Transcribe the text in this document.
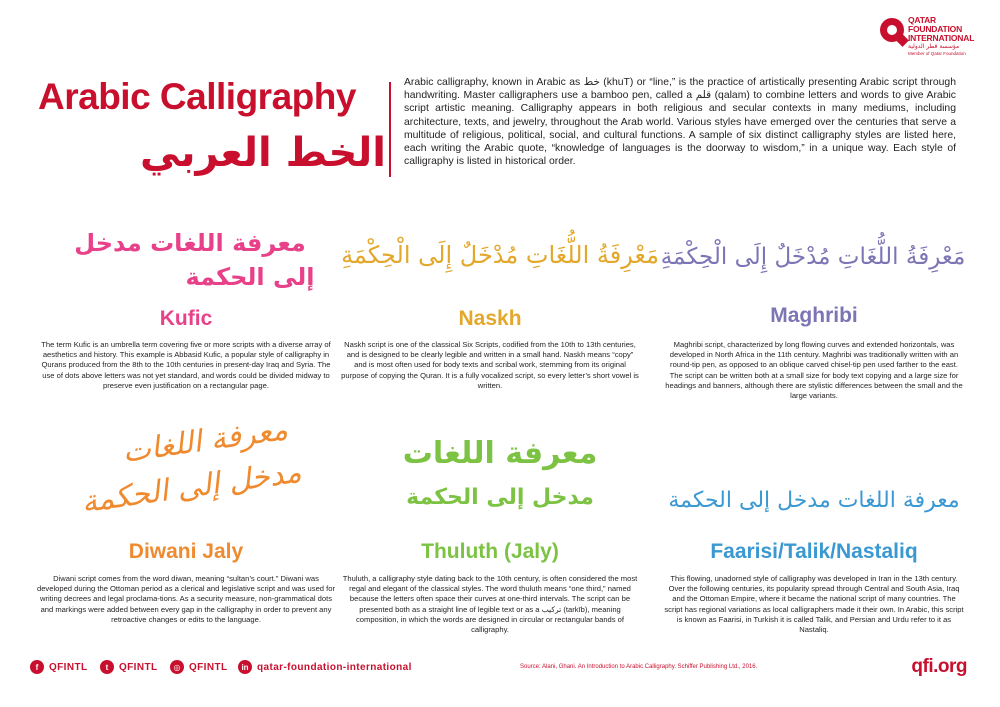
QATAR
FOUNDATION
INTERNATIONAL
مؤسسة قطر الدولية
Member of Qatar Foundation
Arabic Calligraphy
الخط العربي

Arabic calligraphy, known in Arabic as خط (khuT) or “line,” is the practice of artistically presenting Arabic script through handwriting. Master calligraphers use a bamboo pen, called a قلم (qalam) to combine letters and words to give Arabic script artistic meaning. Calligraphy appears in both religious and secular contexts in many mediums, including architecture, texts, and jewelry, throughout the Arab world. Various styles have emerged over the centuries that serve a multitude of religious, political, social, and cultural functions. A sample of six distinct calligraphy styles are listed here, each writing the Arabic quote, “knowledge of languages is the doorway to wisdom,” in a unique way. Each style of calligraphy is listed in historical order.

معرفة اللغات مدخل
إلى الحكمة
Kufic

The term Kufic is an umbrella term covering five or more scripts with a diverse array of aesthetics and history. This example is Abbasid Kufic, a popular style of calligraphy in Qurans produced from the 8th to the 10th centuries in present-day Iraq and Syria. The use of dots above letters was not yet standard, and words could be divided midway to preserve even justification on a rectangular page.

مَعْرِفَةُ اللُّغَاتِ مُدْخَلٌ إِلَى الْحِكْمَةِ
Naskh

Naskh script is one of the classical Six Scripts, codified from the 10th to 13th centuries, and is designed to be clearly legible and written in a small hand. Naskh means “copy” and is most often used for body texts and scribal work, stemming from its original purpose of copying the Quran. It is a fully vocalized script, so every letter’s short vowel is written.

مَعْرِفَةُ اللُّغَاتِ مُدْخَلٌ إِلَى الْحِكْمَةِ
Maghribi

Maghribi script, characterized by long flowing curves and extended horizontals, was developed in North Africa in the 11th century. Maghribi was traditionally written with an round-tip pen, as opposed to an oblique carved chisel-tip pen used farther to the east. The script can be written both at a small size for body text copying and a large size for headings and banners, although there are stylistic differences between the small and the large variants.

معرفة اللغات
مدخل إلى الحكمة
Diwani Jaly

Diwani script comes from the word diwan, meaning “sultan’s court.” Diwani was developed during the Ottoman period as a clerical and legislative script and was used for writing decrees and legal proclama-tions. As a security measure, non-grammatical dots and markings were added between every gap in the calligraphy in order to prevent any retroactive changes or edits to the language.

معرفة اللغات
مدخل إلى الحكمة
Thuluth (Jaly)

Thuluth, a calligraphy style dating back to the 10th century, is often considered the most regal and elegant of the classical styles. The word thuluth means “one third,” named because the letters often space their curves at one-third intervals. The script can be presented both as a straight line of legible text or as a تركيب (tarkīb), meaning composition, in which the words are designed in circular or rectangular bands of calligraphy.

معرفة اللغات مدخل إلى الحكمة
Faarisi/Talik/Nastaliq

This flowing, unadorned style of calligraphy was developed in Iran in the 13th century. Over the following centuries, its popularity spread through Central and South Asia, Iraq and the Ottoman Empire, where it became the national script of many countries. The script has regional variations as local calligraphers made it their own. In Arabic, this script is known as Faarisi, in Turkish it is called Talik, and Persian and Urdu refer to it as Nastaliq.

f	QFINTL	t	QFINTL	◎ QFINTL	in qatar-foundation-international	Source: Alani, Ghani. An Introduction to Arabic Calligraphy. Schiffer Publishing Ltd., 2016.	qfi.org
